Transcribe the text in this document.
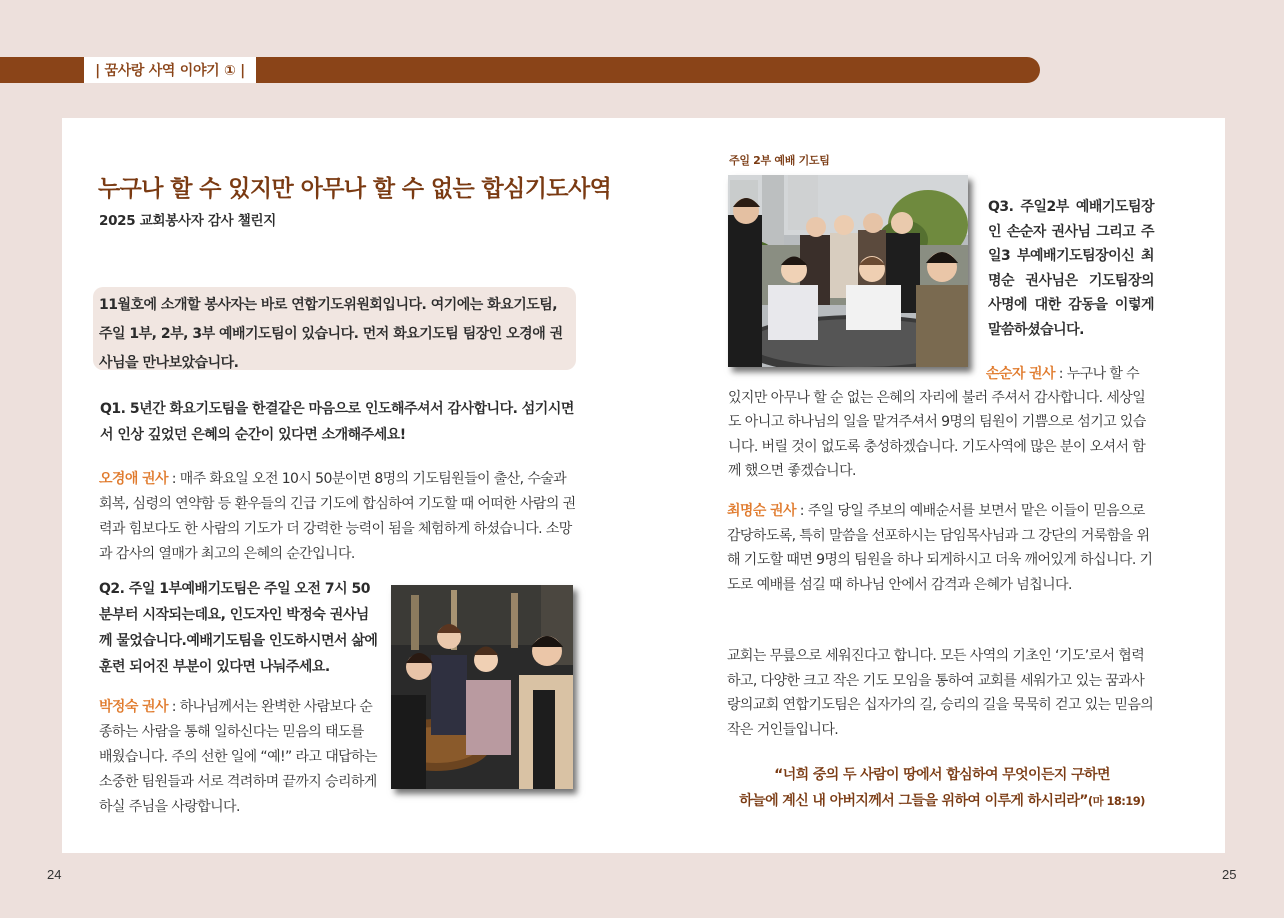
| 꿈사랑 사역 이야기 ① |
누구나 할 수 있지만 아무나 할 수 없는 합심기도사역
2025 교회봉사자 감사 챌린지
11월호에 소개할 봉사자는 바로 연합기도위원회입니다. 여기에는 화요기도팀, 주일 1부, 2부, 3부 예배기도팀이 있습니다. 먼저 화요기도팀 팀장인 오경애 권사님을 만나보았습니다.
Q1. 5년간 화요기도팀을 한결같은 마음으로 인도해주셔서 감사합니다. 섬기시면서 인상 깊었던 은혜의 순간이 있다면 소개해주세요!
오경애 권사 : 매주 화요일 오전 10시 50분이면 8명의 기도팀원들이 출산, 수술과 회복, 심령의 연약함 등 환우들의 긴급 기도에 합심하여 기도할 때 어떠한 사람의 권력과 힘보다도 한 사람의 기도가 더 강력한 능력이 됨을 체험하게 하셨습니다. 소망과 감사의 열매가 최고의 은혜의 순간입니다.
Q2. 주일 1부예배기도팀은 주일 오전 7시 50분부터 시작되는데요, 인도자인 박정숙 권사님께 물었습니다.예배기도팀을 인도하시면서 삶에 훈련 되어진 부분이 있다면 나눠주세요.
박정숙 권사 : 하나님께서는 완벽한 사람보다 순종하는 사람을 통해 일하신다는 믿음의 태도를 배웠습니다. 주의 선한 일에 “예!” 라고 대답하는 소중한 팀원들과 서로 격려하며 끝까지 승리하게 하실 주님을 사랑합니다.
주일 2부 예배 기도팀
Q3. 주일2부 예배기도팀장인 손순자 권사님 그리고 주일3 부예배기도팀장이신 최명순 권사님은 기도팀장의 사명에 대한 감동을 이렇게 말씀하셨습니다.
손순자 권사 : 누구나 할 수 있지만 아무나 할 순 없는 은혜의 자리에 불러 주셔서 감사합니다. 세상일도 아니고 하나님의 일을 맡겨주셔서 9명의 팀원이 기쁨으로 섬기고 있습니다. 버릴 것이 없도록 충성하겠습니다. 기도사역에 많은 분이 오셔서 함께 했으면 좋겠습니다.
최명순 권사 : 주일 당일 주보의 예배순서를 보면서 맡은 이들이 믿음으로 감당하도록, 특히 말씀을 선포하시는 담임목사님과 그 강단의 거룩함을 위해 기도할 때면 9명의 팀원을 하나 되게하시고 더욱 깨어있게 하십니다. 기도로 예배를 섬길 때 하나님 안에서 감격과 은혜가 넘칩니다.
교회는 무릎으로 세워진다고 합니다. 모든 사역의 기초인 ‘기도’로서 협력하고, 다양한 크고 작은 기도 모임을 통하여 교회를 세워가고 있는 꿈과사랑의교회 연합기도팀은 십자가의 길, 승리의 길을 묵묵히 걷고 있는 믿음의 작은 거인들입니다.
“너희 중의 두 사람이 땅에서 합심하여 무엇이든지 구하면
하늘에 계신 내 아버지께서 그들을 위하여 이루게 하시리라”(마 18:19)
24	25
